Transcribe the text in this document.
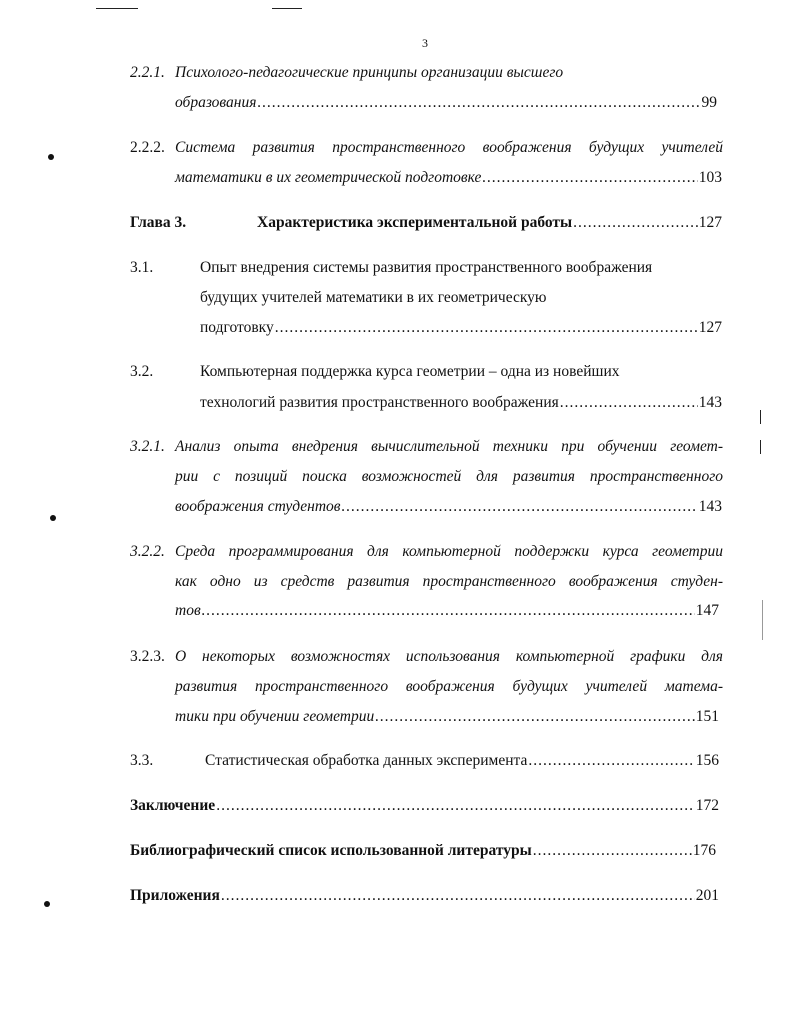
3
2.2.1. Психолого-педагогические принципы организации высшего
образования .....	99
2.2.2. Система развития пространственного воображения будущих учителей
математики в их геометрической подготовке .....	103
Глава 3.	Характеристика экспериментальной работы .....	127
3.1.	Опыт внедрения системы развития пространственного воображения
будущих учителей математики в их геометрическую
подготовку .....	127
3.2.	Компьютерная поддержка курса геометрии – одна из новейших
технологий развития пространственного воображения .....	143
3.2.1. Анализ опыта внедрения вычислительной техники при обучении геомет-
рии с позиций поиска возможностей для развития пространственного
воображения студентов .....	143
3.2.2. Среда программирования для компьютерной поддержки курса геометрии
как одно из средств развития пространственного воображения студен-
тов .....	147
3.2.3. О некоторых возможностях использования компьютерной графики для
развития пространственного воображения будущих учителей матема-
тики при обучении геометрии .....	151
3.3.	Статистическая обработка данных эксперимента .....	156
Заключение .....	172
Библиографический список использованной литературы .....	176
Приложения .....	201
